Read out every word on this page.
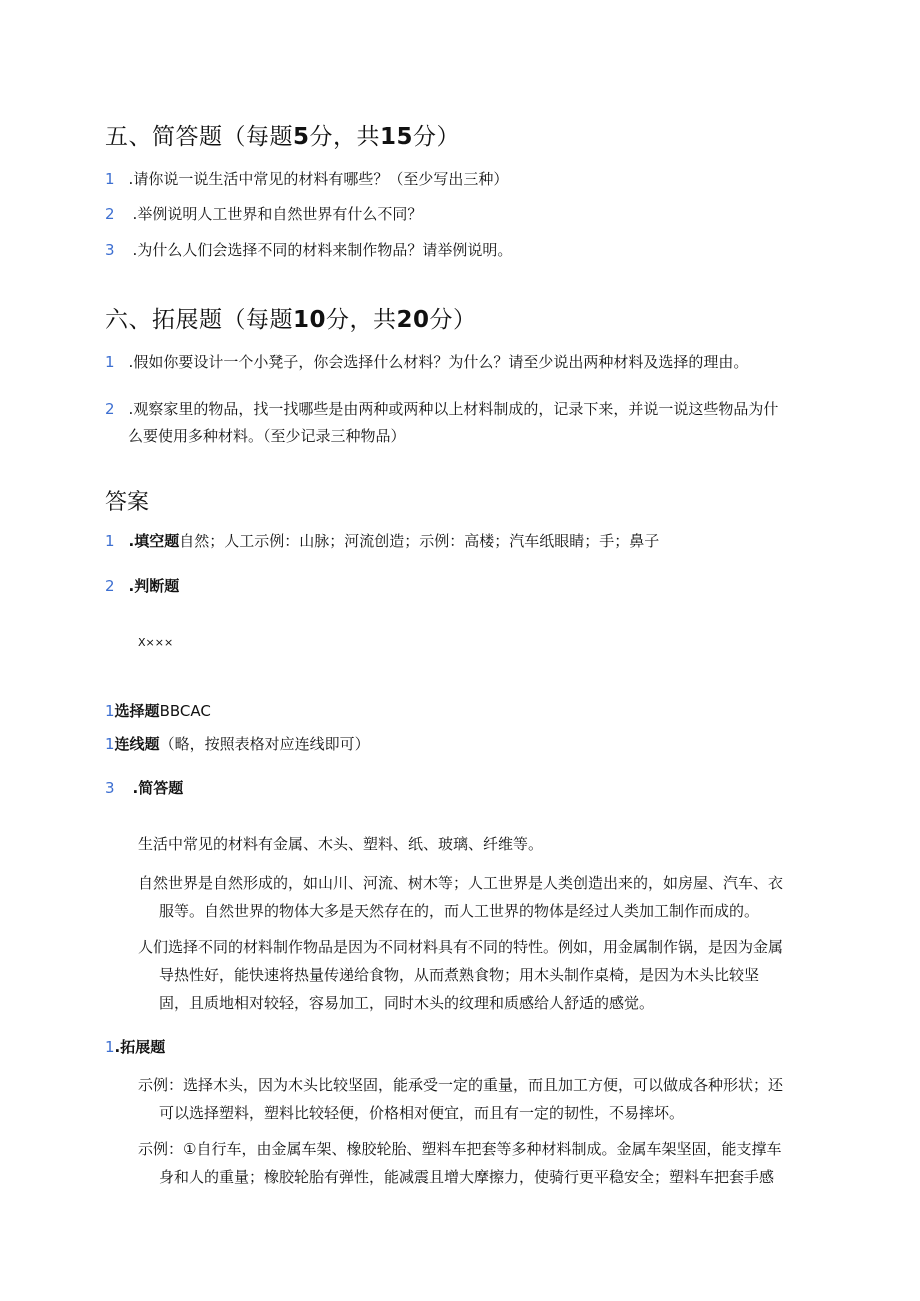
五、简答题（每题5分，共15分）
1 .请你说一说生活中常见的材料有哪些？（至少写出三种）
2 .举例说明人工世界和自然世界有什么不同？
3 .为什么人们会选择不同的材料来制作物品？请举例说明。
六、拓展题（每题10分，共20分）
1 .假如你要设计一个小凳子，你会选择什么材料？为什么？请至少说出两种材料及选择的理由。
2 .观察家里的物品，找一找哪些是由两种或两种以上材料制成的，记录下来，并说一说这些物品为什
么要使用多种材料。（至少记录三种物品）
答案
1 .填空题自然；人工示例：山脉；河流创造；示例：高楼；汽车纸眼睛；手；鼻子
2 .判断题
X×××
1选择题BBCAC
1连线题（略，按照表格对应连线即可）
3 .简答题
生活中常见的材料有金属、木头、塑料、纸、玻璃、纤维等。
自然世界是自然形成的，如山川、河流、树木等；人工世界是人类创造出来的，如房屋、汽车、衣
服等。自然世界的物体大多是天然存在的，而人工世界的物体是经过人类加工制作而成的。
人们选择不同的材料制作物品是因为不同材料具有不同的特性。例如，用金属制作锅，是因为金属
导热性好，能快速将热量传递给食物，从而煮熟食物；用木头制作桌椅，是因为木头比较坚
固，且质地相对较轻，容易加工，同时木头的纹理和质感给人舒适的感觉。
1.拓展题
示例：选择木头，因为木头比较坚固，能承受一定的重量，而且加工方便，可以做成各种形状；还
可以选择塑料，塑料比较轻便，价格相对便宜，而且有一定的韧性，不易摔坏。
示例：①自行车，由金属车架、橡胶轮胎、塑料车把套等多种材料制成。金属车架坚固，能支撑车
身和人的重量；橡胶轮胎有弹性，能减震且增大摩擦力，使骑行更平稳安全；塑料车把套手感
